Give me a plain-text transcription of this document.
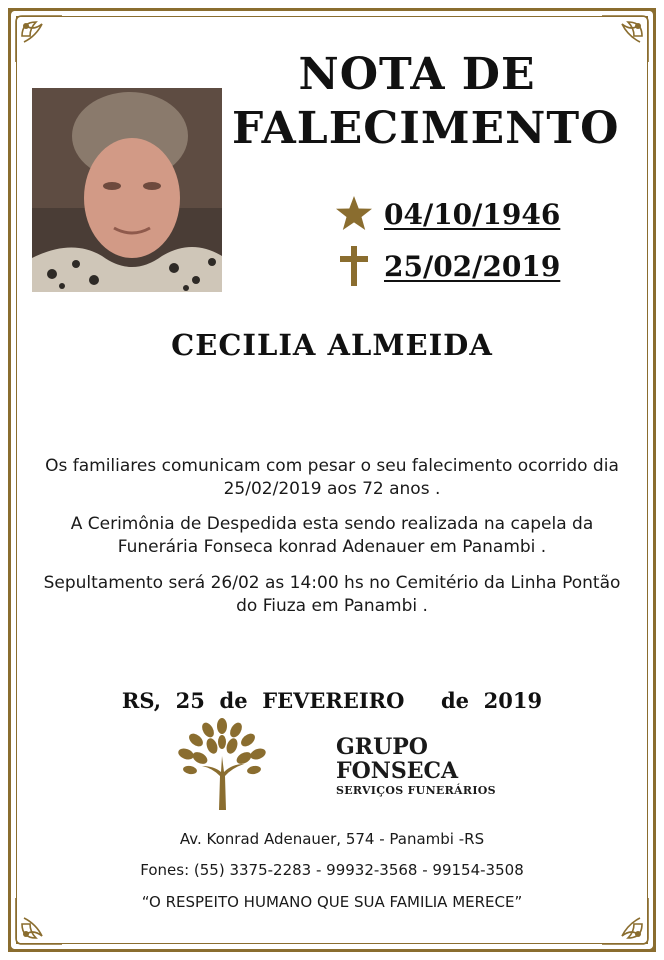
NOTA DE
FALECIMENTO
04/10/1946
25/02/2019
CECILIA ALMEIDA
Os familiares comunicam com pesar o seu falecimento ocorrido dia 25/02/2019 aos 72 anos .
A Cerimônia de Despedida esta sendo realizada na capela da Funerária Fonseca konrad Adenauer em Panambi .
Sepultamento será 26/02 as 14:00 hs no Cemitério da Linha Pontão do Fiuza em Panambi .
RS,  25  de  FEVEREIRO     de  2019
GRUPO
FONSECA
SERVIÇOS FUNERÁRIOS
Av. Konrad Adenauer, 574 - Panambi -RS
Fones: (55) 3375-2283 - 99932-3568 - 99154-3508
“O RESPEITO HUMANO QUE SUA FAMILIA MERECE”
